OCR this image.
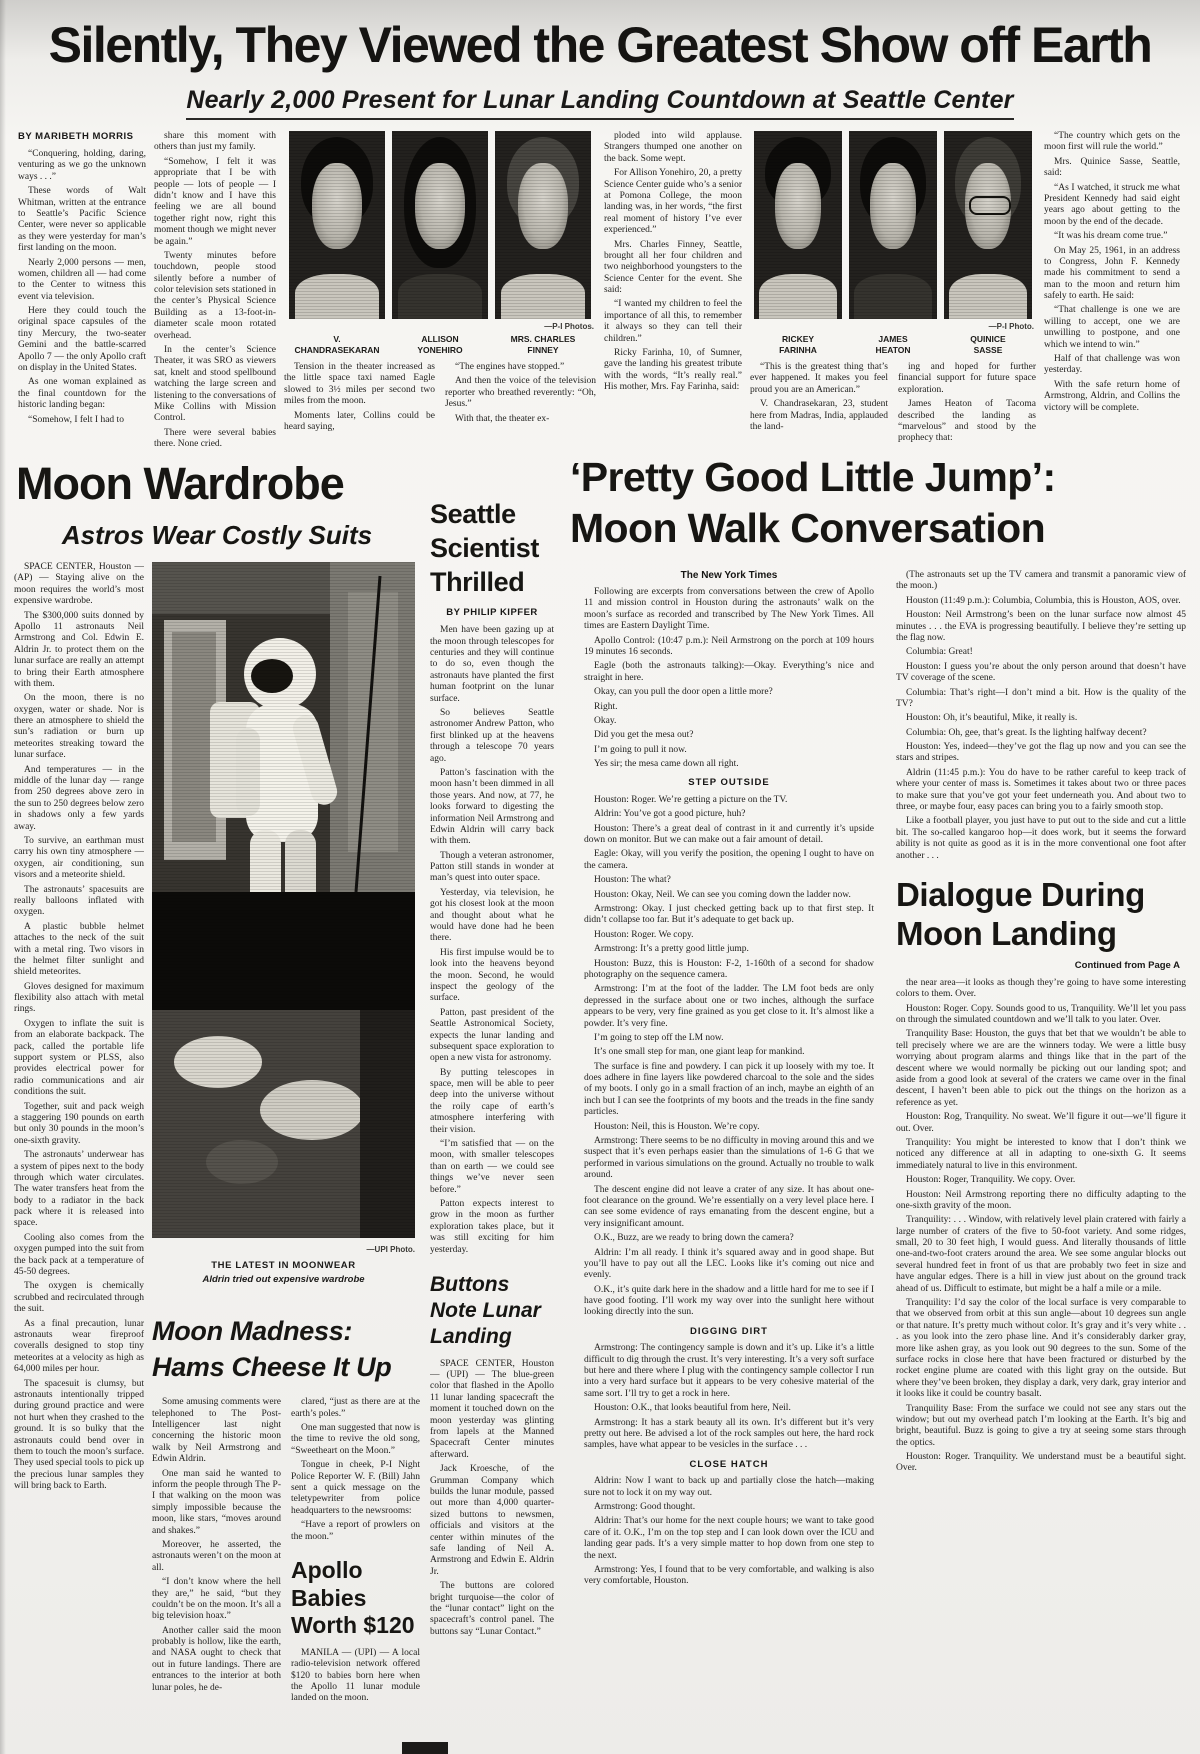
Silently, They Viewed the Greatest Show off Earth
Nearly 2,000 Present for Lunar Landing Countdown at Seattle Center
BY MARIBETH MORRIS

“Conquering, holding, daring, venturing as we go the unknown ways . . .”

These words of Walt Whitman, written at the entrance to Seattle’s Pacific Science Center, were never so applicable as they were yesterday for man’s first landing on the moon.

Nearly 2,000 persons — men, women, children all — had come to the Center to witness this event via television.

Here they could touch the original space capsules of the tiny Mercury, the two-seater Gemini and the battle-scarred Apollo 7 — the only Apollo craft on display in the United States.

As one woman explained as the final countdown for the historic landing began:

“Somehow, I felt I had to

share this moment with others than just my family.

“Somehow, I felt it was appropriate that I be with people — lots of people — I didn’t know and I have this feeling we are all bound together right now, right this moment though we might never be again.”

Twenty minutes before touchdown, people stood silently before a number of color television sets stationed in the center’s Physical Science Building as a 13-foot-in-diameter scale moon rotated overhead.

In the center’s Science Theater, it was SRO as viewers sat, knelt and stood spellbound watching the large screen and listening to the conversations of Mike Collins with Mission Control.

There were several babies there. None cried.

—P-I Photos.
V.
CHANDRASEKARAN
ALLISON
YONEHIRO
MRS. CHARLES
FINNEY

Tension in the theater increased as the little space taxi named Eagle slowed to 3½ miles per second two miles from the moon.

Moments later, Collins could be heard saying,

“The engines have stopped.”

And then the voice of the television reporter who breathed reverently: “Oh, Jesus.”

With that, the theater ex-

ploded into wild applause. Strangers thumped one another on the back. Some wept.

For Allison Yonehiro, 20, a pretty Science Center guide who’s a senior at Pomona College, the moon landing was, in her words, “the first real moment of history I’ve ever experienced.”

Mrs. Charles Finney, Seattle, brought all her four children and two neighborhood youngsters to the Science Center for the event. She said:

“I wanted my children to feel the importance of all this, to remember it always so they can tell their children.”

Ricky Farinha, 10, of Sumner, gave the landing his greatest tribute with the words, “It’s really real.” His mother, Mrs. Fay Farinha, said:

—P-I Photo.
RICKEY
FARINHA
JAMES
HEATON
QUINICE
SASSE

“This is the greatest thing that’s ever happened. It makes you feel proud you are an American.”

V. Chandrasekaran, 23, student here from Madras, India, applauded the land-

ing and hoped for further financial support for future space exploration.

James Heaton of Tacoma described the landing as “marvelous” and stood by the prophecy that:

“The country which gets on the moon first will rule the world.”

Mrs. Quinice Sasse, Seattle, said:

“As I watched, it struck me what President Kennedy had said eight years ago about getting to the moon by the end of the decade.

“It was his dream come true.”

On May 25, 1961, in an address to Congress, John F. Kennedy made his commitment to send a man to the moon and return him safely to earth. He said:

“That challenge is one we are willing to accept, one we are unwilling to postpone, and one which we intend to win.”

Half of that challenge was won yesterday.

With the safe return home of Armstrong, Aldrin, and Collins the victory will be complete.

Moon Wardrobe
Astros Wear Costly Suits

SPACE CENTER, Houston — (AP) — Staying alive on the moon requires the world’s most expensive wardrobe.

The $300,000 suits donned by Apollo 11 astronauts Neil Armstrong and Col. Edwin E. Aldrin Jr. to protect them on the lunar surface are really an attempt to bring their Earth atmosphere with them.

On the moon, there is no oxygen, water or shade. Nor is there an atmosphere to shield the sun’s radiation or burn up meteorites streaking toward the lunar surface.

And temperatures — in the middle of the lunar day — range from 250 degrees above zero in the sun to 250 degrees below zero in shadows only a few yards away.

To survive, an earthman must carry his own tiny atmosphere — oxygen, air conditioning, sun visors and a meteorite shield.

The astronauts’ spacesuits are really balloons inflated with oxygen.

A plastic bubble helmet attaches to the neck of the suit with a metal ring. Two visors in the helmet filter sunlight and shield meteorites.

Gloves designed for maximum flexibility also attach with metal rings.

Oxygen to inflate the suit is from an elaborate backpack. The pack, called the portable life support system or PLSS, also provides electrical power for radio communications and air conditions the suit.

Together, suit and pack weigh a staggering 190 pounds on earth but only 30 pounds in the moon’s one-sixth gravity.

The astronauts’ underwear has a system of pipes next to the body through which water circulates. The water transfers heat from the body to a radiator in the back pack where it is released into space.

Cooling also comes from the oxygen pumped into the suit from the back pack at a temperature of 45-50 degrees.

The oxygen is chemically scrubbed and recirculated through the suit.

As a final precaution, lunar astronauts wear fireproof coveralls designed to stop tiny meteorites at a velocity as high as 64,000 miles per hour.

The spacesuit is clumsy, but astronauts intentionally tripped during ground practice and were not hurt when they crashed to the ground. It is so bulky that the astronauts could bend over in them to touch the moon’s surface. They used special tools to pick up the precious lunar samples they will bring back to Earth.

—UPI Photo.
THE LATEST IN MOONWEAR
Aldrin tried out expensive wardrobe
Moon Madness:
Hams Cheese It Up

Some amusing comments were telephoned to The Post-Intelligencer last night concerning the historic moon walk by Neil Armstrong and Edwin Aldrin.

One man said he wanted to inform the people through The P-I that walking on the moon was simply impossible because the moon, like stars, “moves around and shakes.”

Moreover, he asserted, the astronauts weren’t on the moon at all.

“I don’t know where the hell they are,” he said, “but they couldn’t be on the moon. It’s all a big television hoax.”

Another caller said the moon probably is hollow, like the earth, and NASA ought to check that out in future landings. There are entrances to the interior at both lunar poles, he de-

clared, “just as there are at the earth’s poles.”

One man suggested that now is the time to revive the old song, “Sweetheart on the Moon.”

Tongue in cheek, P-I Night Police Reporter W. F. (Bill) Jahn sent a quick message on the teletypewriter from police headquarters to the newsrooms:

“Have a report of prowlers on the moon.”

Apollo Babies
Worth $120

MANILA — (UPI) — A local radio-television network offered $120 to babies born here when the Apollo 11 lunar module landed on the moon.

Seattle Scientist Thrilled
BY PHILIP KIPFER

Men have been gazing up at the moon through telescopes for centuries and they will continue to do so, even though the astronauts have planted the first human footprint on the lunar surface.

So believes Seattle astronomer Andrew Patton, who first blinked up at the heavens through a telescope 70 years ago.

Patton’s fascination with the moon hasn’t been dimmed in all those years. And now, at 77, he looks forward to digesting the information Neil Armstrong and Edwin Aldrin will carry back with them.

Though a veteran astronomer, Patton still stands in wonder at man’s quest into outer space.

Yesterday, via television, he got his closest look at the moon and thought about what he would have done had he been there.

His first impulse would be to look into the heavens beyond the moon. Second, he would inspect the geology of the surface.

Patton, past president of the Seattle Astronomical Society, expects the lunar landing and subsequent space exploration to open a new vista for astronomy.

By putting telescopes in space, men will be able to peer deep into the universe without the roily cape of earth’s atmosphere interfering with their vision.

“I’m satisfied that — on the moon, with smaller telescopes than on earth — we could see things we’ve never seen before.”

Patton expects interest to grow in the moon as further exploration takes place, but it was still exciting for him yesterday.

Buttons Note Lunar Landing

SPACE CENTER, Houston — (UPI) — The blue-green color that flashed in the Apollo 11 lunar landing spacecraft the moment it touched down on the moon yesterday was glinting from lapels at the Manned Spacecraft Center minutes afterward.

Jack Kroesche, of the Grumman Company which builds the lunar module, passed out more than 4,000 quarter-sized buttons to newsmen, officials and visitors at the center within minutes of the safe landing of Neil A. Armstrong and Edwin E. Aldrin Jr.

The buttons are colored bright turquoise—the color of the “lunar contact” light on the spacecraft’s control panel. The buttons say “Lunar Contact.”

‘Pretty Good Little Jump’:
Moon Walk Conversation
The New York Times

Following are excerpts from conversations between the crew of Apollo 11 and mission control in Houston during the astronauts’ walk on the moon’s surface as recorded and transcribed by The New York Times. All times are Eastern Daylight Time.

Apollo Control: (10:47 p.m.): Neil Armstrong on the porch at 109 hours 19 minutes 16 seconds.

Eagle (both the astronauts talking):—Okay. Everything’s nice and straight in here.

Okay, can you pull the door open a little more?

Right.

Okay.

Did you get the mesa out?

I’m going to pull it now.

Yes sir; the mesa came down all right.

STEP OUTSIDE

Houston: Roger. We’re getting a picture on the TV.

Aldrin: You’ve got a good picture, huh?

Houston: There’s a great deal of contrast in it and currently it’s upside down on monitor. But we can make out a fair amount of detail.

Eagle: Okay, will you verify the position, the opening I ought to have on the camera.

Houston: The what?

Houston: Okay, Neil. We can see you coming down the ladder now.

Armstrong: Okay. I just checked getting back up to that first step. It didn’t collapse too far. But it’s adequate to get back up.

Houston: Roger. We copy.

Armstrong: It’s a pretty good little jump.

Houston: Buzz, this is Houston: F-2, 1-160th of a second for shadow photography on the sequence camera.

Armstrong: I’m at the foot of the ladder. The LM foot beds are only depressed in the surface about one or two inches, although the surface appears to be very, very fine grained as you get close to it. It’s almost like a powder. It’s very fine.

I’m going to step off the LM now.

It’s one small step for man, one giant leap for mankind.

The surface is fine and powdery. I can pick it up loosely with my toe. It does adhere in fine layers like powdered charcoal to the sole and the sides of my boots. I only go in a small fraction of an inch, maybe an eighth of an inch but I can see the footprints of my boots and the treads in the fine sandy particles.

Houston: Neil, this is Houston. We’re copy.

Armstrong: There seems to be no difficulty in moving around this and we suspect that it’s even perhaps easier than the simulations of 1-6 G that we performed in various simulations on the ground. Actually no trouble to walk around.

The descent engine did not leave a crater of any size. It has about one-foot clearance on the ground. We’re essentially on a very level place here. I can see some evidence of rays emanating from the descent engine, but a very insignificant amount.

O.K., Buzz, are we ready to bring down the camera?

Aldrin: I’m all ready. I think it’s squared away and in good shape. But you’ll have to pay out all the LEC. Looks like it’s coming out nice and evenly.

O.K., it’s quite dark here in the shadow and a little hard for me to see if I have good footing. I’ll work my way over into the sunlight here without looking directly into the sun.

DIGGING DIRT

Armstrong: The contingency sample is down and it’s up. Like it’s a little difficult to dig through the crust. It’s very interesting. It’s a very soft surface but here and there where I plug with the contingency sample collector I run into a very hard surface but it appears to be very cohesive material of the same sort. I’ll try to get a rock in here.

Houston: O.K., that looks beautiful from here, Neil.

Armstrong: It has a stark beauty all its own. It’s different but it’s very pretty out here. Be advised a lot of the rock samples out here, the hard rock samples, have what appear to be vesicles in the surface . . .

CLOSE HATCH

Aldrin: Now I want to back up and partially close the hatch—making sure not to lock it on my way out.

Armstrong: Good thought.

Aldrin: That’s our home for the next couple hours; we want to take good care of it. O.K., I’m on the top step and I can look down over the ICU and landing gear pads. It’s a very simple matter to hop down from one step to the next.

Armstrong: Yes, I found that to be very comfortable, and walking is also very comfortable, Houston.

(The astronauts set up the TV camera and transmit a panoramic view of the moon.)

Houston (11:49 p.m.): Columbia, Columbia, this is Houston, AOS, over.

Houston: Neil Armstrong’s been on the lunar surface now almost 45 minutes . . . the EVA is progressing beautifully. I believe they’re setting up the flag now.

Columbia: Great!

Houston: I guess you’re about the only person around that doesn’t have TV coverage of the scene.

Columbia: That’s right—I don’t mind a bit. How is the quality of the TV?

Houston: Oh, it’s beautiful, Mike, it really is.

Columbia: Oh, gee, that’s great. Is the lighting halfway decent?

Houston: Yes, indeed—they’ve got the flag up now and you can see the stars and stripes.

Aldrin (11:45 p.m.): You do have to be rather careful to keep track of where your center of mass is. Sometimes it takes about two or three paces to make sure that you’ve got your feet underneath you. And about two to three, or maybe four, easy paces can bring you to a fairly smooth stop.

Like a football player, you just have to put out to the side and cut a little bit. The so-called kangaroo hop—it does work, but it seems the forward ability is not quite as good as it is in the more conventional one foot after another . . .

Dialogue During
Moon Landing
Continued from Page A

the near area—it looks as though they’re going to have some interesting colors to them. Over.

Houston: Roger. Copy. Sounds good to us, Tranquility. We’ll let you pass on through the simulated countdown and we’ll talk to you later. Over.

Tranquility Base: Houston, the guys that bet that we wouldn’t be able to tell precisely where we are are the winners today. We were a little busy worrying about program alarms and things like that in the part of the descent where we would normally be picking out our landing spot; and aside from a good look at several of the craters we came over in the final descent, I haven’t been able to pick out the things on the horizon as a reference as yet.

Houston: Rog, Tranquility. No sweat. We’ll figure it out—we’ll figure it out. Over.

Tranquility: You might be interested to know that I don’t think we noticed any difference at all in adapting to one-sixth G. It seems immediately natural to live in this environment.

Houston: Roger, Tranquility. We copy. Over.

Houston: Neil Armstrong reporting there no difficulty adapting to the one-sixth gravity of the moon.

Tranquility: . . . Window, with relatively level plain cratered with fairly a large number of craters of the five to 50-foot variety. And some ridges, small, 20 to 30 feet high, I would guess. And literally thousands of little one-and-two-foot craters around the area. We see some angular blocks out several hundred feet in front of us that are probably two feet in size and have angular edges. There is a hill in view just about on the ground track ahead of us. Difficult to estimate, but might be a half a mile or a mile.

Tranquility: I’d say the color of the local surface is very comparable to that we observed from orbit at this sun angle—about 10 degrees sun angle or that nature. It’s pretty much without color. It’s gray and it’s very white . . . as you look into the zero phase line. And it’s considerably darker gray, more like ashen gray, as you look out 90 degrees to the sun. Some of the surface rocks in close here that have been fractured or disturbed by the rocket engine plume are coated with this light gray on the outside. But where they’ve been broken, they display a dark, very dark, gray interior and it looks like it could be country basalt.

Tranquility Base: From the surface we could not see any stars out the window; but out my overhead patch I’m looking at the Earth. It’s big and bright, beautiful. Buzz is going to give a try at seeing some stars through the optics.

Houston: Roger. Tranquility. We understand must be a beautiful sight. Over.
